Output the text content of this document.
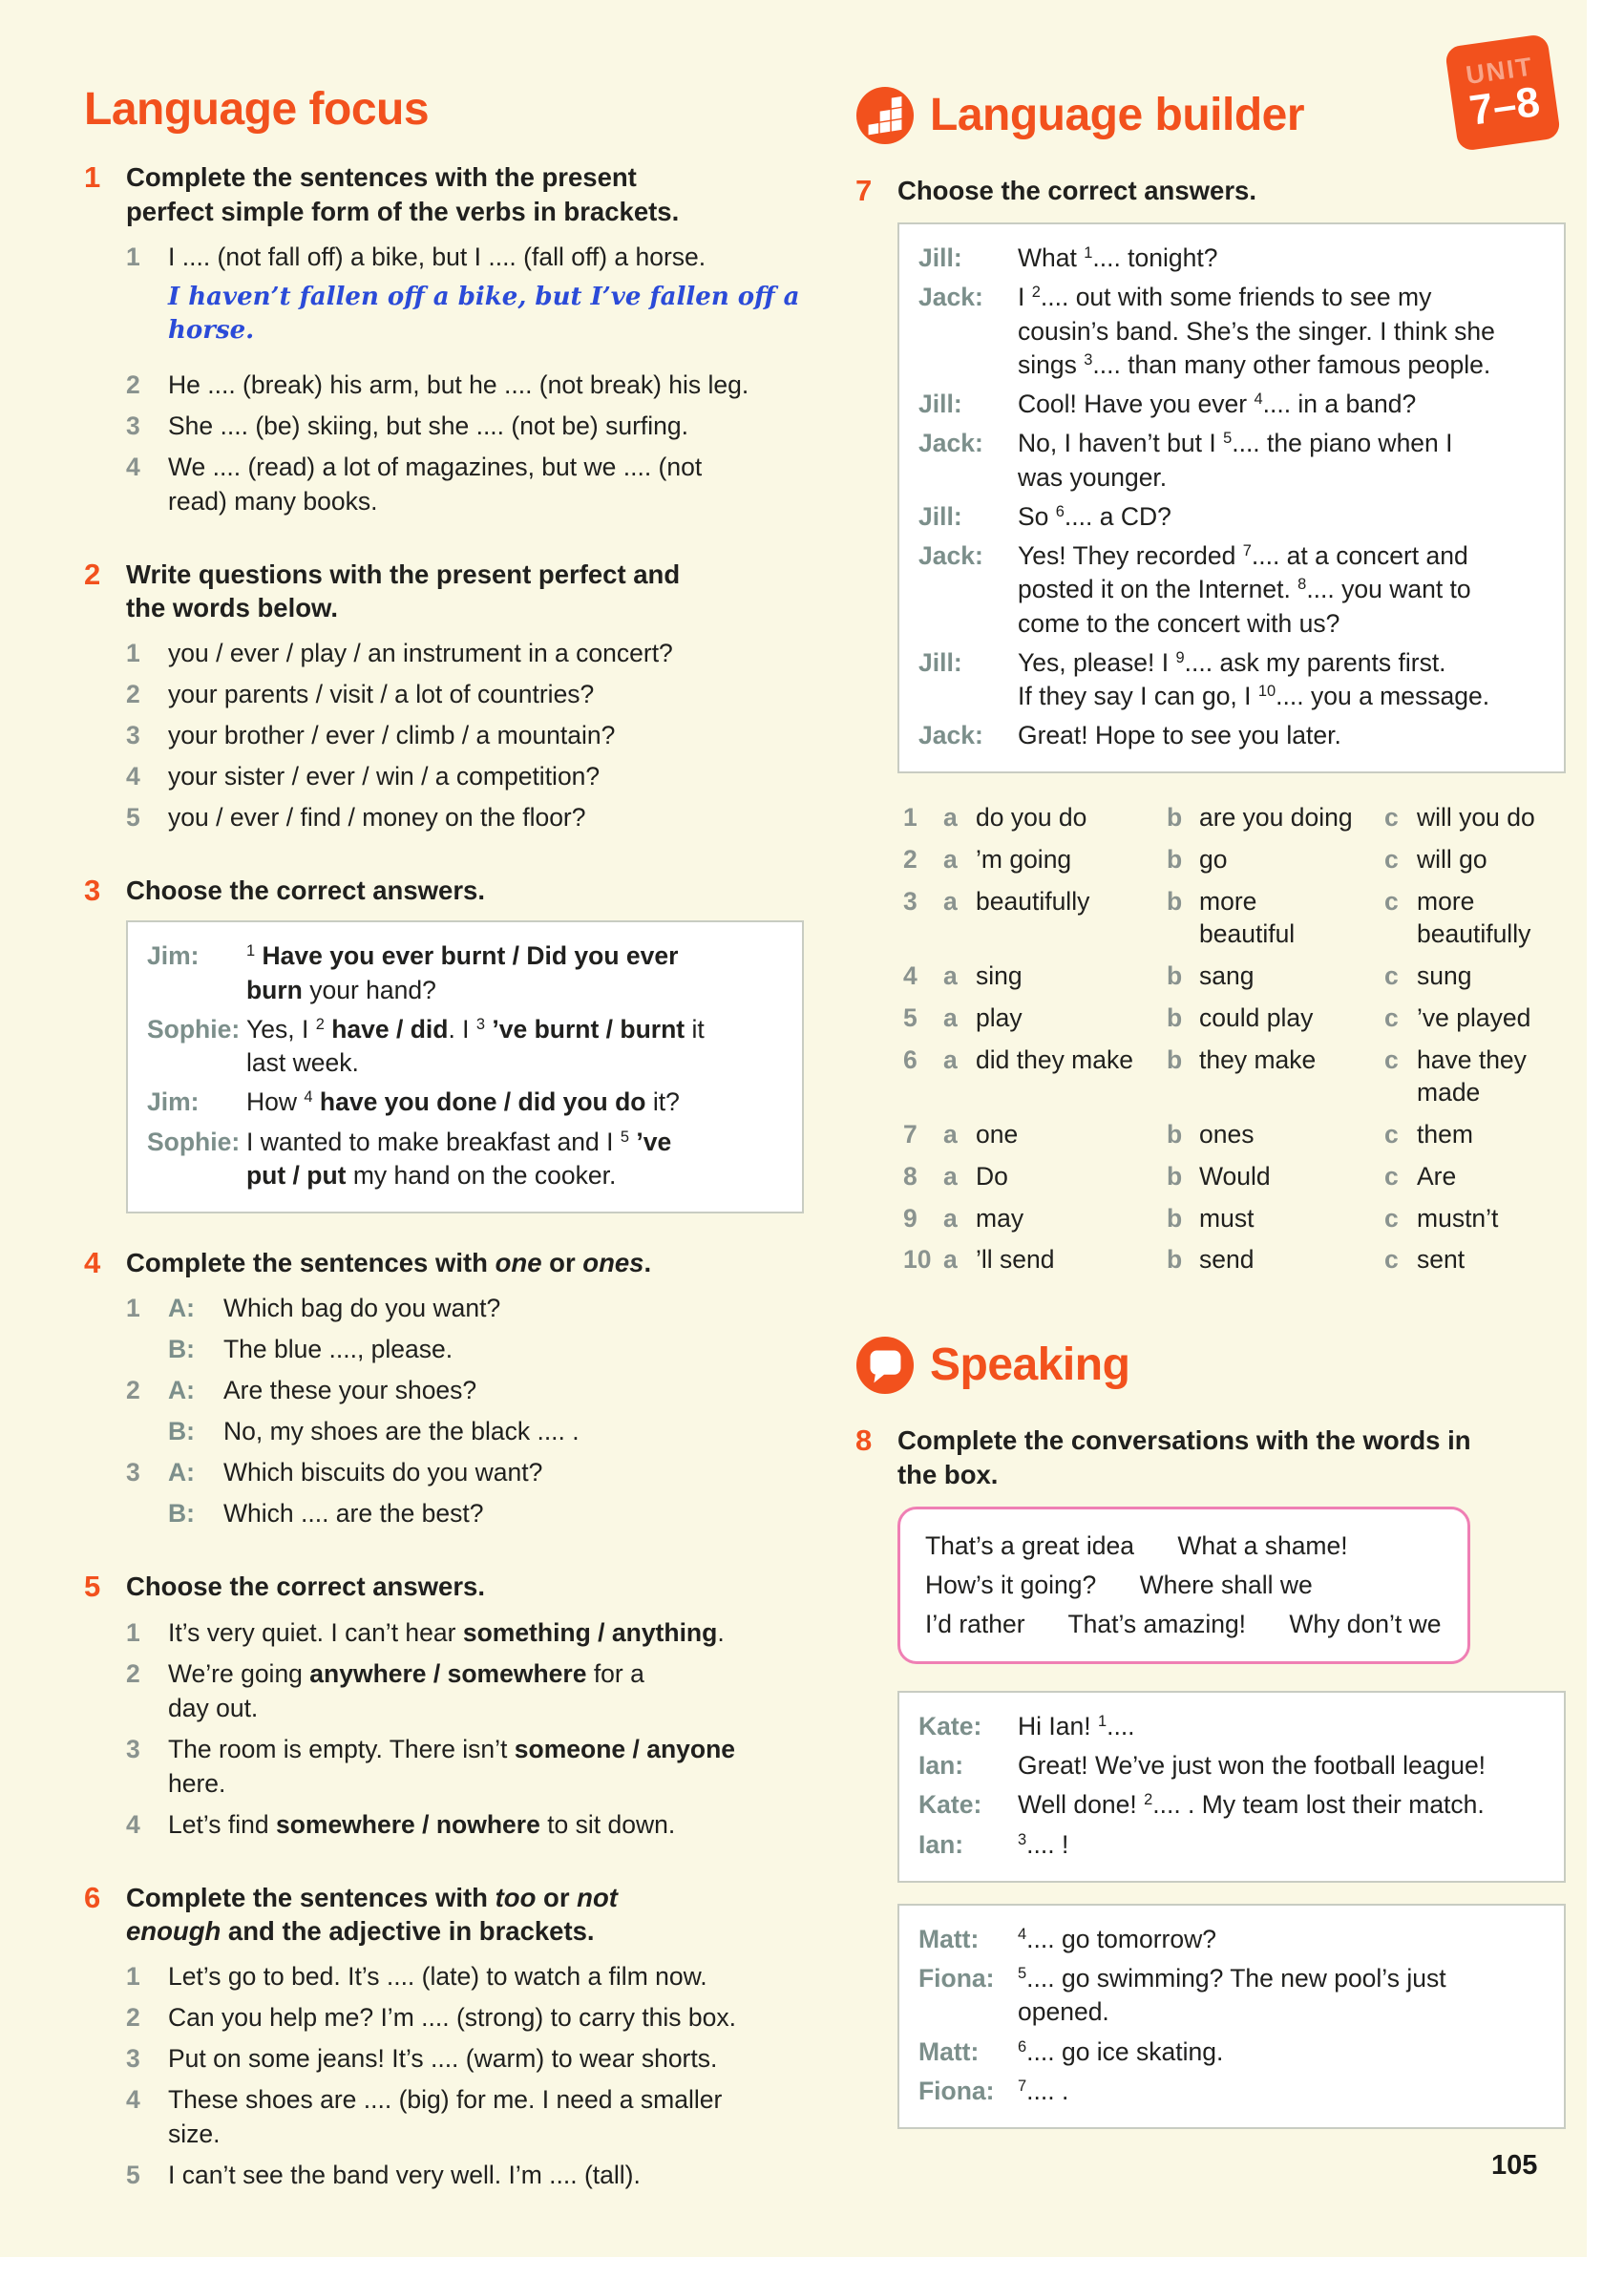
UNIT
7–8
Language focus
1 Complete the sentences with the present
perfect simple form of the verbs in brackets.

1	I .... (not fall off) a bike, but I .... (fall off) a horse.
I haven’t fallen off a bike, but I’ve fallen off a horse.
2	He .... (break) his arm, but he .... (not break) his leg.
3	She .... (be) skiing, but she .... (not be) surfing.
4	We .... (read) a lot of magazines, but we .... (not
read) many books.
2 Write questions with the present perfect and
the words below.

1	you / ever / play / an instrument in a concert?
2	your parents / visit / a lot of countries?
3	your brother / ever / climb / a mountain?
4	your sister / ever / win / a competition?
5	you / ever / find / money on the floor?
3 Choose the correct answers.

Jim:	$^1$ Have you ever burnt / Did you ever
burn your hand?
Sophie: Yes, I $^2$ have / did. I $^3$ ’ve burnt / burnt it
last week.
Jim:	How $^4$ have you done / did you do it?
Sophie: I wanted to make breakfast and I $^5$ ’ve
put / put my hand on the cooker.
4 Complete the sentences with one or ones.

1	A:	Which bag do you want?
B:	The blue ...., please.
2	A:	Are these your shoes?
B:	No, my shoes are the black .... .
3	A:	Which biscuits do you want?
B:	Which .... are the best?
5 Choose the correct answers.

1	It’s very quiet. I can’t hear something / anything.
2	We’re going anywhere / somewhere for a
day out.
3	The room is empty. There isn’t someone / anyone
here.
4	Let’s find somewhere / nowhere to sit down.
6 Complete the sentences with too or not
enough and the adjective in brackets.

1	Let’s go to bed. It’s .... (late) to watch a film now.
2	Can you help me? I’m .... (strong) to carry this box.
3	Put on some jeans! It’s .... (warm) to wear shorts.
4	These shoes are .... (big) for me. I need a smaller
size.
5	I can’t see the band very well. I’m .... (tall).
Language builder
7 Choose the correct answers.

Jill:	What $^1$.... tonight?
Jack:	I $^2$.... out with some friends to see my
cousin’s band. She’s the singer. I think she
sings $^3$.... than many other famous people.
Jill:	Cool! Have you ever $^4$.... in a band?
Jack:	No, I haven’t but I $^5$.... the piano when I
was younger.
Jill:	So $^6$.... a CD?
Jack:	Yes! They recorded $^7$.... at a concert and
posted it on the Internet. $^8$.... you want to
come to the concert with us?
Jill:	Yes, please! I $^9$.... ask my parents first.
If they say I can go, I $^{10}$.... you a message.
Jack:	Great! Hope to see you later.
1	a do you do	b are you doing	c will you do
2	a ’m going	b go	c will go
3	a beautifully	b more
beautiful
c more
beautifully
4	a sing	b sang	c sung
5	a play	b could play	c ’ve played
6	a did they make	b they make	c have they
made
7	a one	b ones	c them
8	a Do	b Would	c Are
9	a may	b must	c mustn’t
10 a ’ll send	b send	c sent
Speaking
8 Complete the conversations with the words in
the box.

That’s a great idea What a shame!
How’s it going? Where shall we
I’d rather That’s amazing! Why don’t we
Kate:	Hi Ian! $^1$....
Ian:	Great! We’ve just won the football league!
Kate:	Well done! $^2$.... . My team lost their match.
Ian:	$^3$.... !
Matt:	$^4$.... go tomorrow?
Fiona:	$^5$.... go swimming? The new pool’s just
opened.
Matt:	$^6$.... go ice skating.
Fiona:	$^7$.... .
105
